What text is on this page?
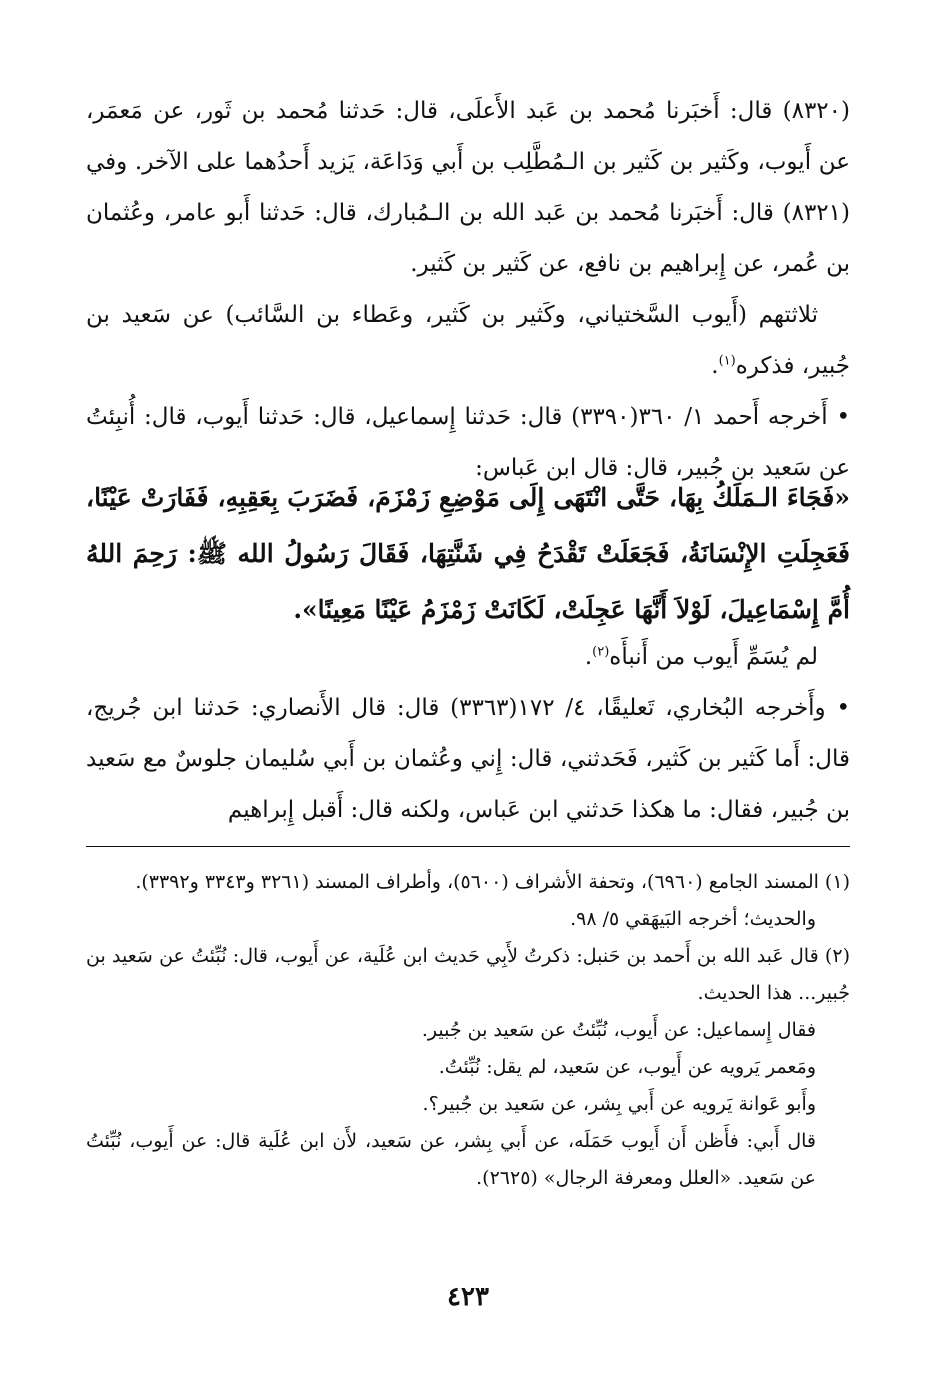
(٨٣٢٠) قال: أَخبَرنا مُحمد بن عَبد الأَعلَى، قال: حَدثنا مُحمد بن ثَور، عن مَعمَر، عن أَيوب، وكَثير بن كَثير بن الـمُطَّلِب بن أَبي وَدَاعَة، يَزيد أَحدُهما على الآخر. وفي (٨٣٢١) قال: أَخبَرنا مُحمد بن عَبد الله بن الـمُبارك، قال: حَدثنا أَبو عامر، وعُثمان بن عُمر، عن إِبراهيم بن نافع، عن كَثير بن كَثير.

ثلاثتهم (أَيوب السَّختياني، وكَثير بن كَثير، وعَطاء بن السَّائب) عن سَعيد بن جُبير، فذكره$^{(١)}$.

• أَخرجه أَحمد ١/ ٣٦٠(٣٣٩٠) قال: حَدثنا إِسماعيل، قال: حَدثنا أَيوب، قال: أُنبِئتُ عن سَعيد بن جُبير، قال: قال ابن عَباس:

«فَجَاءَ الـمَلَكُ بِهَا، حَتَّى انْتَهَى إِلَى مَوْضِعِ زَمْزَمَ، فَضَرَبَ بِعَقِبِهِ، فَفَارَتْ عَيْنًا، فَعَجِلَتِ الإِنْسَانَةُ، فَجَعَلَتْ تَقْدَحُ فِي شَنَّتِهَا، فَقَالَ رَسُولُ الله ﷺ: رَحِمَ اللهُ أُمَّ إِسْمَاعِيلَ، لَوْلاَ أَنَّهَا عَجِلَتْ، لَكَانَتْ زَمْزَمُ عَيْنًا مَعِينًا».

لم يُسَمِّ أَيوب من أَنبأَه$^{(٢)}$.

• وأَخرجه البُخاري، تَعليقًا، ٤/ ١٧٢(٣٣٦٣) قال: قال الأَنصاري: حَدثنا ابن جُريج، قال: أَما كَثير بن كَثير، فَحَدثني، قال: إِني وعُثمان بن أَبي سُليمان جلوسٌ مع سَعيد بن جُبير، فقال: ما هكذا حَدثني ابن عَباس، ولكنه قال: أَقبل إِبراهيم

(١) المسند الجامع (٦٩٦٠)، وتحفة الأشراف (٥٦٠٠)، وأطراف المسند (٣٢٦١ و٣٣٤٣ و٣٣٩٢).

والحديث؛ أخرجه البَيهَقي ٥/ ٩٨.

(٢) قال عَبد الله بن أَحمد بن حَنبل: ذكرتُ لأَبِي حَديث ابن عُلَية، عن أَيوب، قال: نُبِّئتُ عن سَعيد بن جُبير... هذا الحديث.

فقال إِسماعيل: عن أَيوب، نُبِّئتُ عن سَعيد بن جُبير.

ومَعمر يَرويه عن أَيوب، عن سَعيد، لم يقل: نُبِّئتُ.

وأَبو عَوانة يَرويه عن أَبي بِشر، عن سَعيد بن جُبير؟.

قال أَبي: فأَظن أَن أَيوب حَمَلَه، عن أَبي بِشر، عن سَعيد، لأَن ابن عُلَية قال: عن أَيوب، نُبِّئتُ عن سَعيد. «العلل ومعرفة الرجال» (٢٦٢٥).

٤٢٣
